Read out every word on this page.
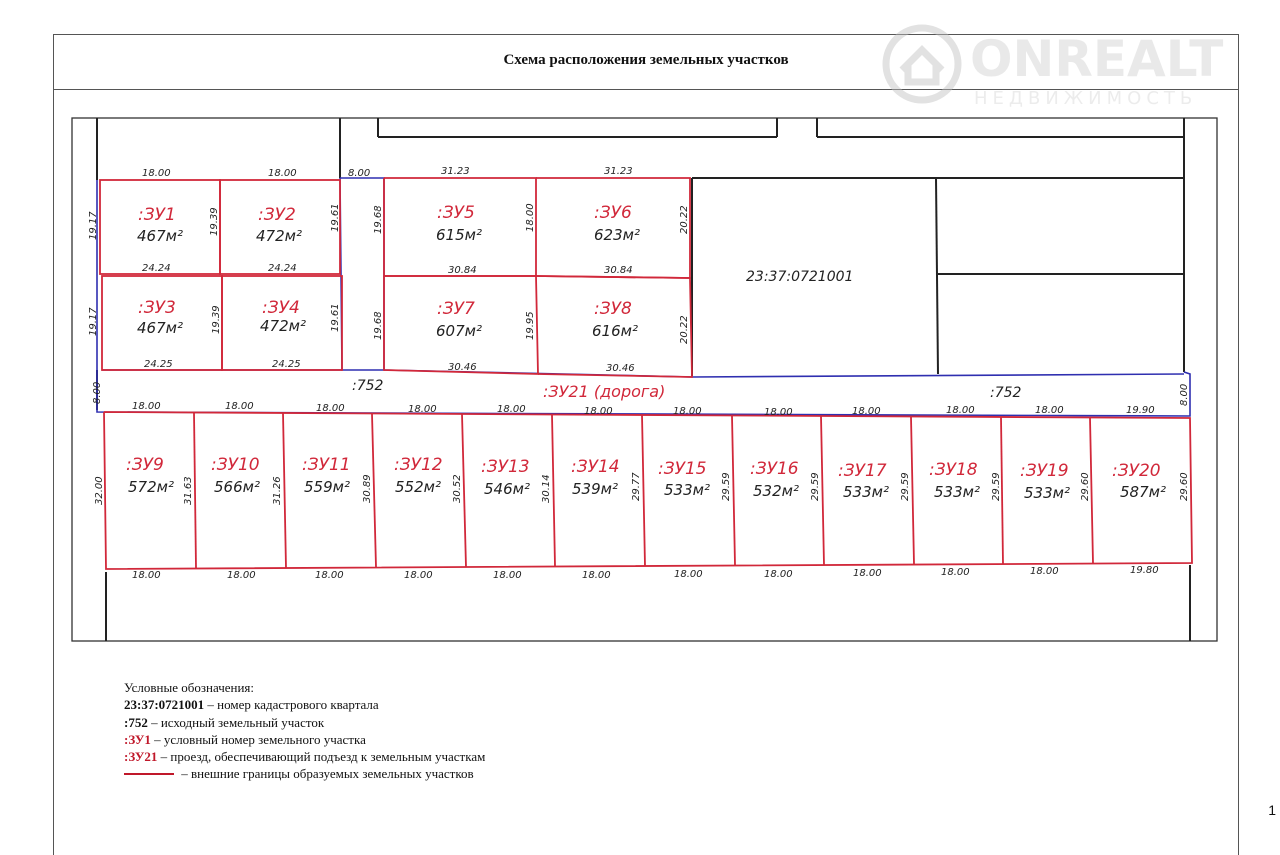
Схема расположения земельных участков	ONREALT
НЕДВИЖИМОСТЬ
:ЗУ1	:ЗУ2	:ЗУ5	:ЗУ6
:ЗУ3	:ЗУ4	:ЗУ7	:ЗУ8
467м²	472м²	615м²	623м²
467м²	472м²	607м²	616м²
:ЗУ9	:ЗУ10 :ЗУ11	:ЗУ12 :ЗУ13 :ЗУ14 :ЗУ15	:ЗУ16 :ЗУ17 :ЗУ18 :ЗУ19	:ЗУ20
572м²	566м²	559м²	552м²	546м²	539м²	533м²	532м²	533м²	533м²	533м²	587м²
23:37:0721001
:752	:752
:ЗУ21 (дорога)
18.00	18.00	8.00	31.23	31.23
24.24	24.24	30.84	30.84
24.25	24.25	30.46	30.46
19.17	19.39	19.61	19.68	18.00	20.22
19.17	19.39	19.61	19.68	19.95	20.22
8.00	8.00
18.00	18.00	18.00	18.00	18.00	18.00	18.00	18.00	18.00	18.00	18.00	19.90
18.00	18.00	18.00	18.00	18.00	18.00	18.00	18.00	18.00	18.00	18.00	19.80
32.00	31.63	31.26	30.89	30.52	30.14	29.77	29.59	29.59	29.59	29.59	29.60	29.60
Условные обозначения:
23:37:0721001 – номер кадастрового квартала
:752 – исходный земельный участок
:ЗУ1 – условный номер земельного участка
:ЗУ21 – проезд, обеспечивающий подъезд к земельным участкам
– внешние границы образуемых земельных участков
1
